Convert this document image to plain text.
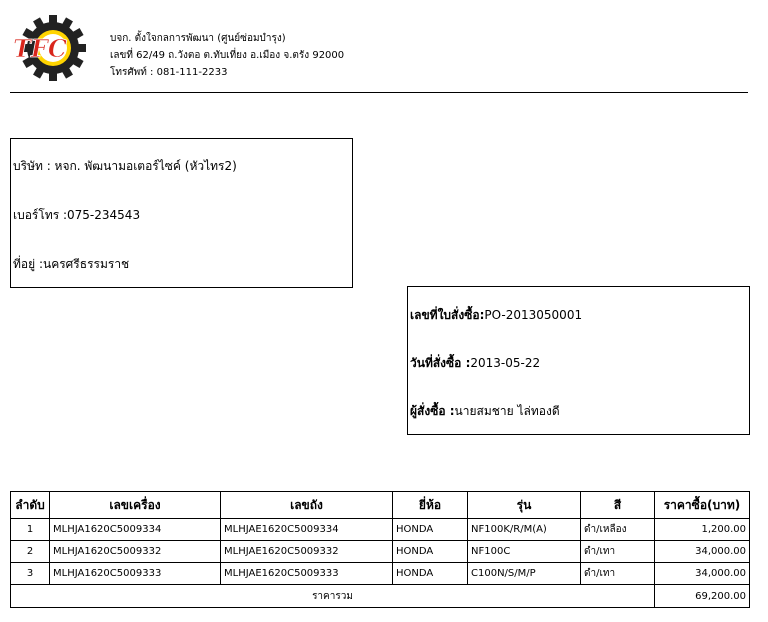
TFC	บจก. ตั้งใจกลการพัฒนา (ศูนย์ซ่อมบำรุง)
เลขที่ 62/49 ถ.วังตอ ต.ทับเที่ยง อ.เมือง จ.ตรัง 92000
โทรศัพท์ : 081-111-2233
บริษัท : หจก. พัฒนามอเตอร์ไซค์ (หัวไทร2)
เบอร์โทร :075-234543
ที่อยู่ :นครศรีธรรมราช
เลขที่ใบสั่งซื้อ:PO-2013050001
วันที่สั่งซื้อ :2013-05-22
ผู้สั่งซื้อ :นายสมชาย ไล่ทองดี
ลำดับ	เลขเครื่อง	เลขถัง	ยี่ห้อ	รุ่น	สี	ราคาซื้อ(บาท)
1	MLHJA1620C5009334	MLHJAE1620C5009334	HONDA	NF100K/R/M(A)	ดำ/เหลือง	1,200.00
2	MLHJA1620C5009332	MLHJAE1620C5009332	HONDA	NF100C	ดำ/เทา	34,000.00
3	MLHJA1620C5009333	MLHJAE1620C5009333	HONDA	C100N/S/M/P	ดำ/เทา	34,000.00
ราคารวม						69,200.00
